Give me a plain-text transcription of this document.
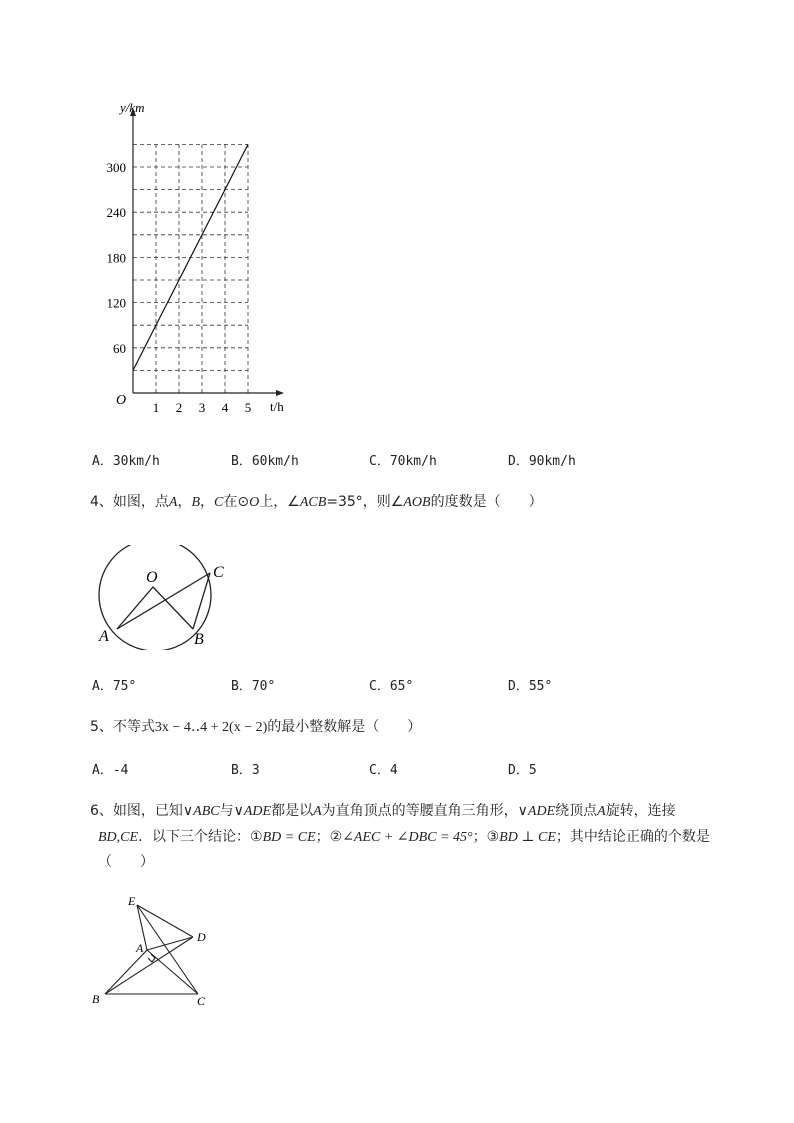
y/km
t/h
O 1 2 3 4 5
60
120
180
240
300
A．30km/h	B．60km/h	C．70km/h	D．90km/h
4、如图，点A，B，C在⊙O上，∠ACB=35°，则∠AOB的度数是（　　）
O
A	B
C
A．75°	B．70°	C．65°	D．55°
5、不等式3x − 4‥4 + 2(x − 2)的最小整数解是（　　）
A．-4	B．3	C．4	D．5
6、如图，已知∨ABC与∨ADE都是以A为直角顶点的等腰直角三角形，∨ADE绕顶点A旋转，连接
BD,CE．以下三个结论：①BD = CE；②∠AEC + ∠DBC = 45°；③BD ⊥ CE；其中结论正确的个数是
（　　）
E
A
D
B	C
